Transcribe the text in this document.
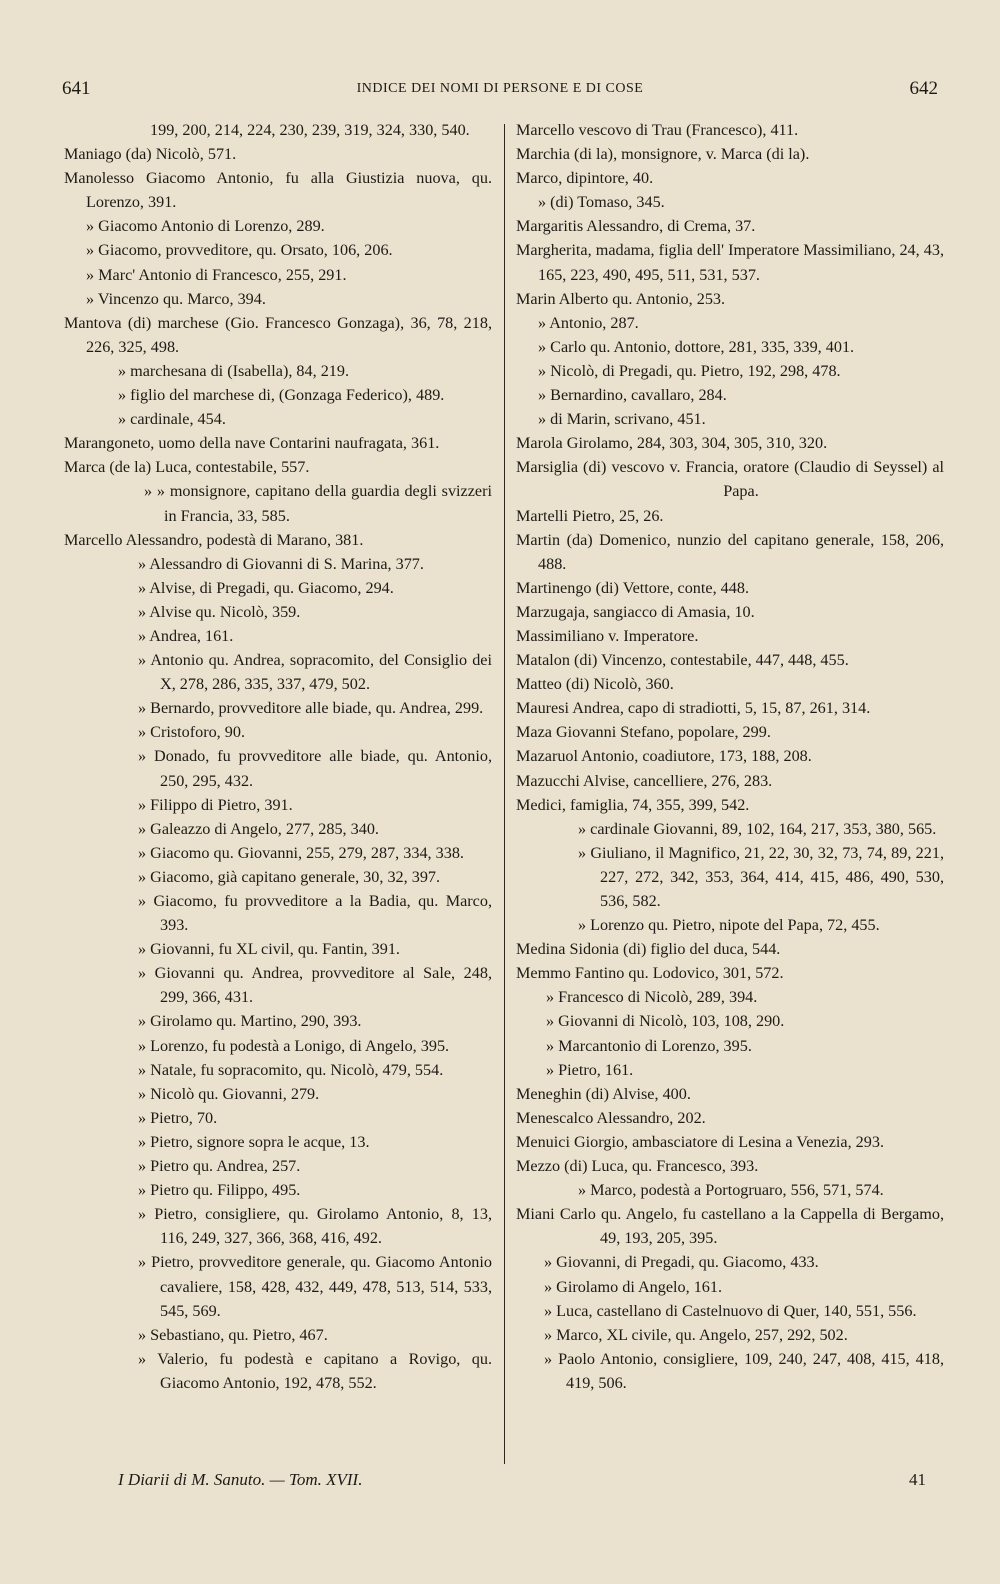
641	INDICE DEI NOMI DI PERSONE E DI COSE	642
199, 200, 214, 224, 230, 239, 319, 324, 330, 540.
Maniago (da) Nicolò, 571.
Manolesso Giacomo Antonio, fu alla Giustizia nuova, qu. Lorenzo, 391.
» Giacomo Antonio di Lorenzo, 289.
» Giacomo, provveditore, qu. Orsato, 106, 206.
» Marc' Antonio di Francesco, 255, 291.
» Vincenzo qu. Marco, 394.
Mantova (di) marchese (Gio. Francesco Gonzaga), 36, 78, 218, 226, 325, 498.
» marchesana di (Isabella), 84, 219.
» figlio del marchese di, (Gonzaga Federico), 489.
» cardinale, 454.
Marangoneto, uomo della nave Contarini naufragata, 361.
Marca (de la) Luca, contestabile, 557.
» » monsignore, capitano della guardia degli svizzeri in Francia, 33, 585.
Marcello Alessandro, podestà di Marano, 381.
» Alessandro di Giovanni di S. Marina, 377.
» Alvise, di Pregadi, qu. Giacomo, 294.
» Alvise qu. Nicolò, 359.
» Andrea, 161.
» Antonio qu. Andrea, sopracomito, del Consiglio dei X, 278, 286, 335, 337, 479, 502.
» Bernardo, provveditore alle biade, qu. Andrea, 299.
» Cristoforo, 90.
» Donado, fu provveditore alle biade, qu. Antonio, 250, 295, 432.
» Filippo di Pietro, 391.
» Galeazzo di Angelo, 277, 285, 340.
» Giacomo qu. Giovanni, 255, 279, 287, 334, 338.
» Giacomo, già capitano generale, 30, 32, 397.
» Giacomo, fu provveditore a la Badia, qu. Marco, 393.
» Giovanni, fu XL civil, qu. Fantin, 391.
» Giovanni qu. Andrea, provveditore al Sale, 248, 299, 366, 431.
» Girolamo qu. Martino, 290, 393.
» Lorenzo, fu podestà a Lonigo, di Angelo, 395.
» Natale, fu sopracomito, qu. Nicolò, 479, 554.
» Nicolò qu. Giovanni, 279.
» Pietro, 70.
» Pietro, signore sopra le acque, 13.
» Pietro qu. Andrea, 257.
» Pietro qu. Filippo, 495.
» Pietro, consigliere, qu. Girolamo Antonio, 8, 13, 116, 249, 327, 366, 368, 416, 492.
» Pietro, provveditore generale, qu. Giacomo Antonio cavaliere, 158, 428, 432, 449, 478, 513, 514, 533, 545, 569.
» Sebastiano, qu. Pietro, 467.
» Valerio, fu podestà e capitano a Rovigo, qu. Giacomo Antonio, 192, 478, 552.
Marcello vescovo di Trau (Francesco), 411.
Marchia (di la), monsignore, v. Marca (di la).
Marco, dipintore, 40.
» (di) Tomaso, 345.
Margaritis Alessandro, di Crema, 37.
Margherita, madama, figlia dell' Imperatore Massimiliano, 24, 43, 165, 223, 490, 495, 511, 531, 537.
Marin Alberto qu. Antonio, 253.
» Antonio, 287.
» Carlo qu. Antonio, dottore, 281, 335, 339, 401.
» Nicolò, di Pregadi, qu. Pietro, 192, 298, 478.
» Bernardino, cavallaro, 284.
» di Marin, scrivano, 451.
Marola Girolamo, 284, 303, 304, 305, 310, 320.
Marsiglia (di) vescovo v. Francia, oratore (Claudio di Seyssel) al Papa.
Martelli Pietro, 25, 26.
Martin (da) Domenico, nunzio del capitano generale, 158, 206, 488.
Martinengo (di) Vettore, conte, 448.
Marzugaja, sangiacco di Amasia, 10.
Massimiliano v. Imperatore.
Matalon (di) Vincenzo, contestabile, 447, 448, 455.
Matteo (di) Nicolò, 360.
Mauresi Andrea, capo di stradiotti, 5, 15, 87, 261, 314.
Maza Giovanni Stefano, popolare, 299.
Mazaruol Antonio, coadiutore, 173, 188, 208.
Mazucchi Alvise, cancelliere, 276, 283.
Medici, famiglia, 74, 355, 399, 542.
» cardinale Giovanni, 89, 102, 164, 217, 353, 380, 565.
» Giuliano, il Magnifico, 21, 22, 30, 32, 73, 74, 89, 221, 227, 272, 342, 353, 364, 414, 415, 486, 490, 530, 536, 582.
» Lorenzo qu. Pietro, nipote del Papa, 72, 455.
Medina Sidonia (di) figlio del duca, 544.
Memmo Fantino qu. Lodovico, 301, 572.
» Francesco di Nicolò, 289, 394.
» Giovanni di Nicolò, 103, 108, 290.
» Marcantonio di Lorenzo, 395.
» Pietro, 161.
Meneghin (di) Alvise, 400.
Menescalco Alessandro, 202.
Menuici Giorgio, ambasciatore di Lesina a Venezia, 293.
Mezzo (di) Luca, qu. Francesco, 393.
» Marco, podestà a Portogruaro, 556, 571, 574.
Miani Carlo qu. Angelo, fu castellano a la Cappella di Bergamo, 49, 193, 205, 395.
» Giovanni, di Pregadi, qu. Giacomo, 433.
» Girolamo di Angelo, 161.
» Luca, castellano di Castelnuovo di Quer, 140, 551, 556.
» Marco, XL civile, qu. Angelo, 257, 292, 502.
» Paolo Antonio, consigliere, 109, 240, 247, 408, 415, 418, 419, 506.
I Diarii di M. Sanuto. — Tom. XVII.	41
